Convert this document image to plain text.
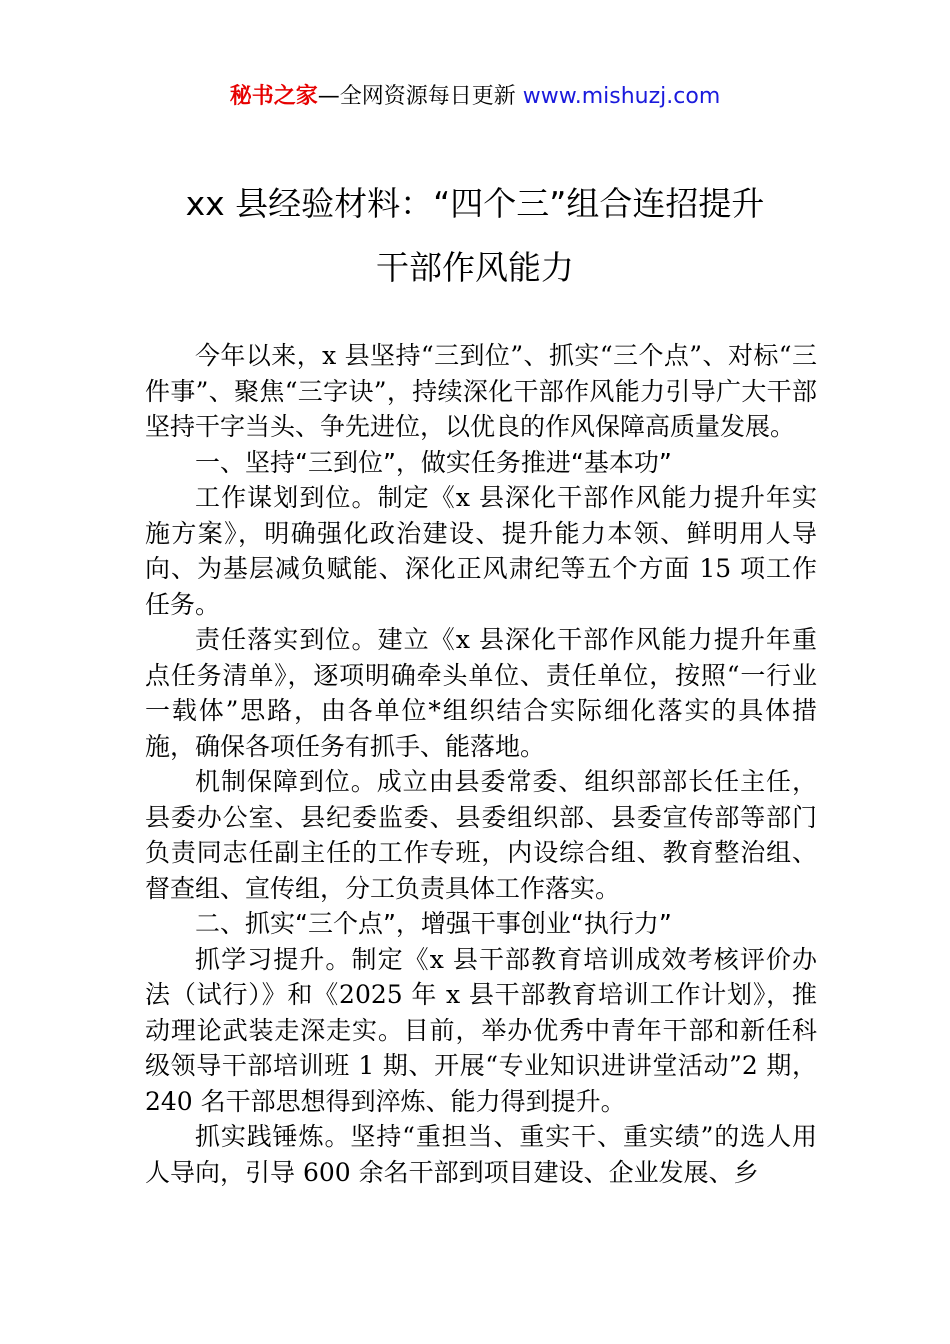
秘书之家—全网资源每日更新 www.mishuzj.com
xx 县经验材料：“四个三”组合连招提升
干部作风能力

今年以来，x 县坚持“三到位”、抓实“三个点”、对标“三件事”、聚焦“三字诀”，持续深化干部作风能力引导广大干部坚持干字当头、争先进位，以优良的作风保障高质量发展。

一、坚持“三到位”，做实任务推进“基本功”

工作谋划到位。制定《x 县深化干部作风能力提升年实施方案》，明确强化政治建设、提升能力本领、鲜明用人导向、为基层减负赋能、深化正风肃纪等五个方面 15 项工作任务。

责任落实到位。建立《x 县深化干部作风能力提升年重点任务清单》，逐项明确牵头单位、责任单位，按照“一行业一载体”思路，由各单位*组织结合实际细化落实的具体措施，确保各项任务有抓手、能落地。

机制保障到位。成立由县委常委、组织部部长任主任，县委办公室、县纪委监委、县委组织部、县委宣传部等部门负责同志任副主任的工作专班，内设综合组、教育整治组、督查组、宣传组，分工负责具体工作落实。

二、抓实“三个点”，增强干事创业“执行力”

抓学习提升。制定《x 县干部教育培训成效考核评价办法（试行）》和《2025 年 x 县干部教育培训工作计划》，推动理论武装走深走实。目前，举办优秀中青年干部和新任科级领导干部培训班 1 期、开展“专业知识进讲堂活动”2 期，240 名干部思想得到淬炼、能力得到提升。

抓实践锤炼。坚持“重担当、重实干、重实绩”的选人用人导向，引导 600 余名干部到项目建设、企业发展、乡
